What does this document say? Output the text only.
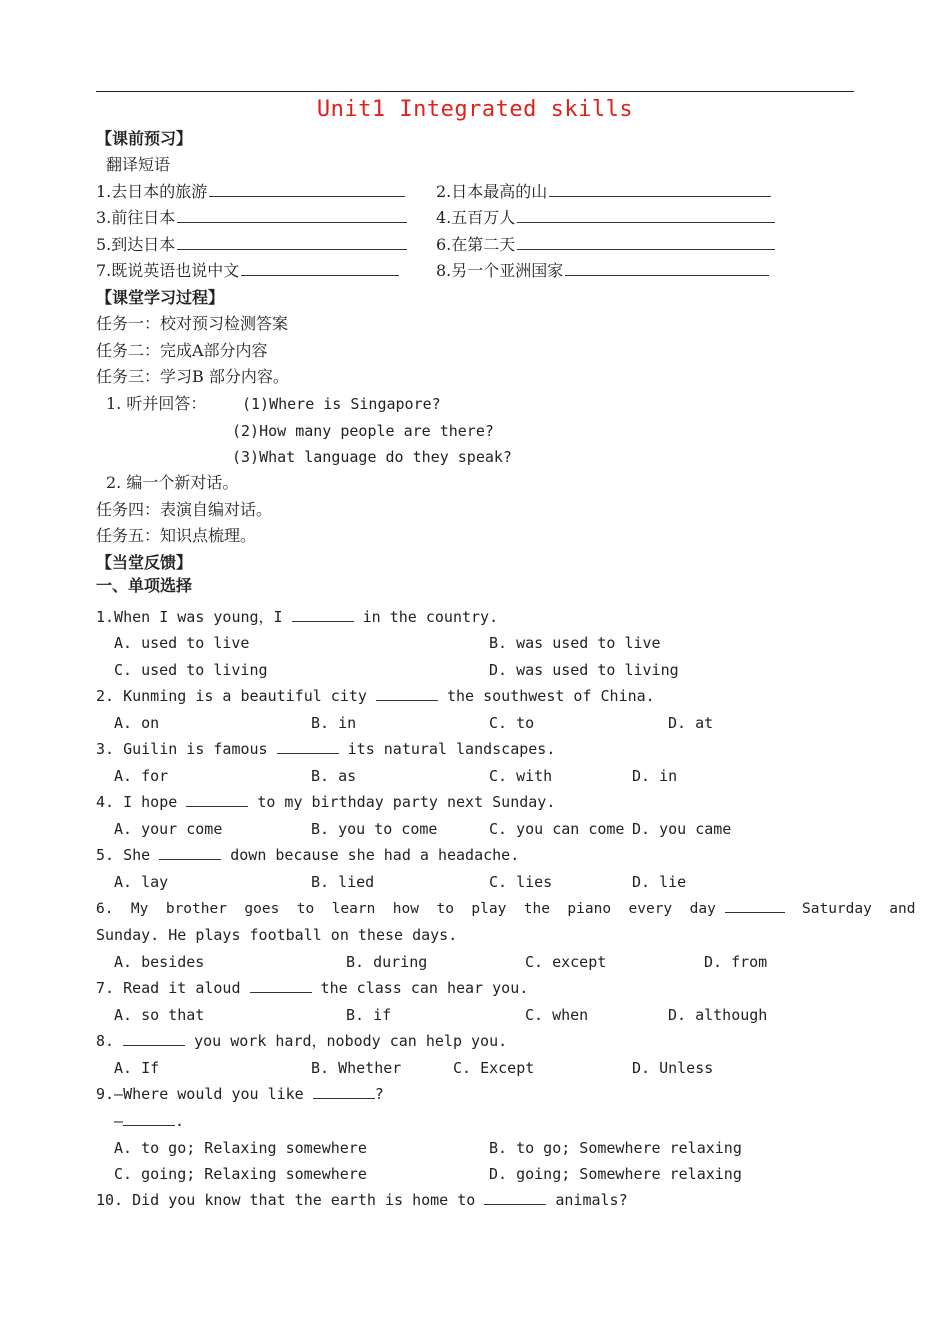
Unit1 Integrated skills
【课前预习】
翻译短语
1.去日本的旅游	2.日本最高的山
3.前往日本	4.五百万人
5.到达日本	6.在第二天
7.既说英语也说中文	8.另一个亚洲国家
【课堂学习过程】
任务一：校对预习检测答案
任务二：完成A部分内容
任务三：学习B 部分内容。
1. 听并回答： (1)Where is Singapore?
(2)How many people are there?
(3)What language do they speak?
2. 编一个新对话。
任务四：表演自编对话。
任务五：知识点梳理。
【当堂反馈】
一、单项选择
1.When I was young，I	in the country.
A. used to live	B. was used to live
C. used to living	D. was used to living
2. Kunming is a beautiful city	the southwest of China.
A. on	B. in	C. to	D. at
3. Guilin is famous	its natural landscapes.
A. for	B. as	C. with	D. in
4. I hope	to my birthday party next Sunday.
A. your come	B. you to come	C. you can come D. you came
5. She	down because she had a headache.
A. lay	B. lied	C. lies	D. lie
6.  My  brother  goes  to  learn  how  to  play  the  piano  every  day	Saturday  and
Sunday. He plays football on these days.
A. besides	B. during	C. except	D. from
7. Read it aloud	the class can hear you.
A. so that	B. if	C. when	D. although
8.	you work hard，nobody can help you.
A. If	B. Whether	C. Except	D. Unless
9.—Where would you like	?
—	.
A. to go; Relaxing somewhere	B. to go; Somewhere relaxing
C. going; Relaxing somewhere	D. going; Somewhere relaxing
10. Did you know that the earth is home to	animals?
